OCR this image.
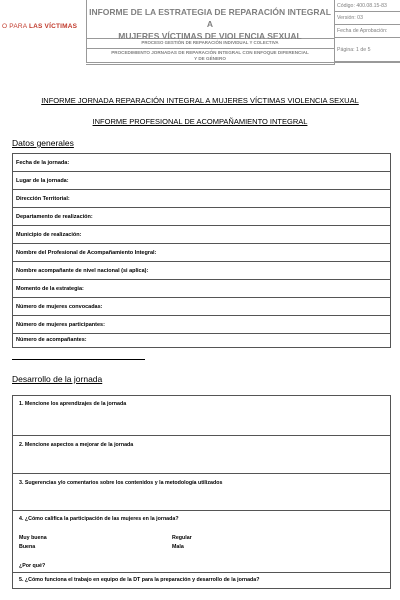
O PARA LAS VÍCTIMAS
INFORME DE LA ESTRATEGIA DE REPARACIÓN INTEGRAL A
MUJERES VÍCTIMAS DE VIOLENCIA SEXUAL
PROCESO GESTIÓN DE REPARACIÓN INDIVIDUAL Y COLECTIVA
PROCEDIMIENTO JORNADAS DE REPARACIÓN INTEGRAL CON ENFOQUE DIFERENCIAL
Y DE GÉNERO
Código: 400.08.15-83
Versión: 03
Fecha de Aprobación:
Página: 1 de 5
INFORME JORNADA REPARACIÓN INTEGRAL A MUJERES VÍCTIMAS VIOLENCIA SEXUAL
INFORME PROFESIONAL DE ACOMPAÑAMIENTO INTEGRAL
Datos generales
Fecha de la jornada:
Lugar de la jornada:
Dirección Territorial:
Departamento de realización:
Municipio de realización:
Nombre del Profesional de Acompañamiento Integral:
Nombre acompañante de nivel nacional (si aplica):
Momento de la estrategia:
Número de mujeres convocadas:
Número de mujeres participantes:
Número de acompañantes:
Desarrollo de la jornada
1. Mencione los aprendizajes de la jornada
2. Mencione aspectos a mejorar de la jornada
3. Sugerencias y/o comentarios sobre los contenidos y la metodología utilizados
4. ¿Cómo califica la participación de las mujeres en la jornada?
Muy buena	Regular
Buena	Mala
¿Por qué?
5. ¿Cómo funciona el trabajo en equipo de la DT para la preparación y desarrollo de la jornada?
